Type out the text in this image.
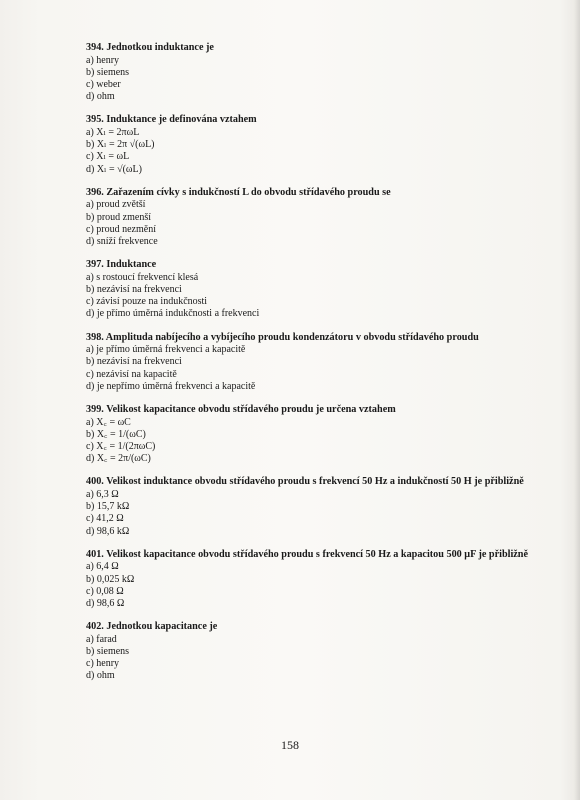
394. Jednotkou induktance je

a) henry
b) siemens
c) weber
d) ohm

395. Induktance je definována vztahem

a) Xₗ = 2πωL
b) Xₗ = 2π √(ωL)
c) Xₗ = ωL
d) Xₗ = √(ωL)

396. Zařazením cívky s indukčností L do obvodu střídavého proudu se

a) proud zvětší
b) proud zmenší
c) proud nezmění
d) sníží frekvence

397. Induktance

a) s rostoucí frekvencí klesá
b) nezávisí na frekvenci
c) závisí pouze na indukčnosti
d) je přímo úměrná indukčnosti a frekvenci

398. Amplituda nabíjecího a vybíjecího proudu kondenzátoru v obvodu střídavého proudu

a) je přímo úměrná frekvenci a kapacitě
b) nezávisí na frekvenci
c) nezávisí na kapacitě
d) je nepřímo úměrná frekvenci a kapacitě

399. Velikost kapacitance obvodu střídavého proudu je určena vztahem

a) X꜀ = ωC
b) X꜀ = 1/(ωC)
c) X꜀ = 1/(2πωC)
d) X꜀ = 2π/(ωC)

400. Velikost induktance obvodu střídavého proudu s frekvencí 50 Hz a indukčností 50 H je přibližně

a) 6,3 Ω
b) 15,7 kΩ
c) 41,2 Ω
d) 98,6 kΩ

401. Velikost kapacitance obvodu střídavého proudu s frekvencí 50 Hz a kapacitou 500 μF je přibližně

a) 6,4 Ω
b) 0,025 kΩ
c) 0,08 Ω
d) 98,6 Ω

402. Jednotkou kapacitance je

a) farad
b) siemens
c) henry
d) ohm
158
